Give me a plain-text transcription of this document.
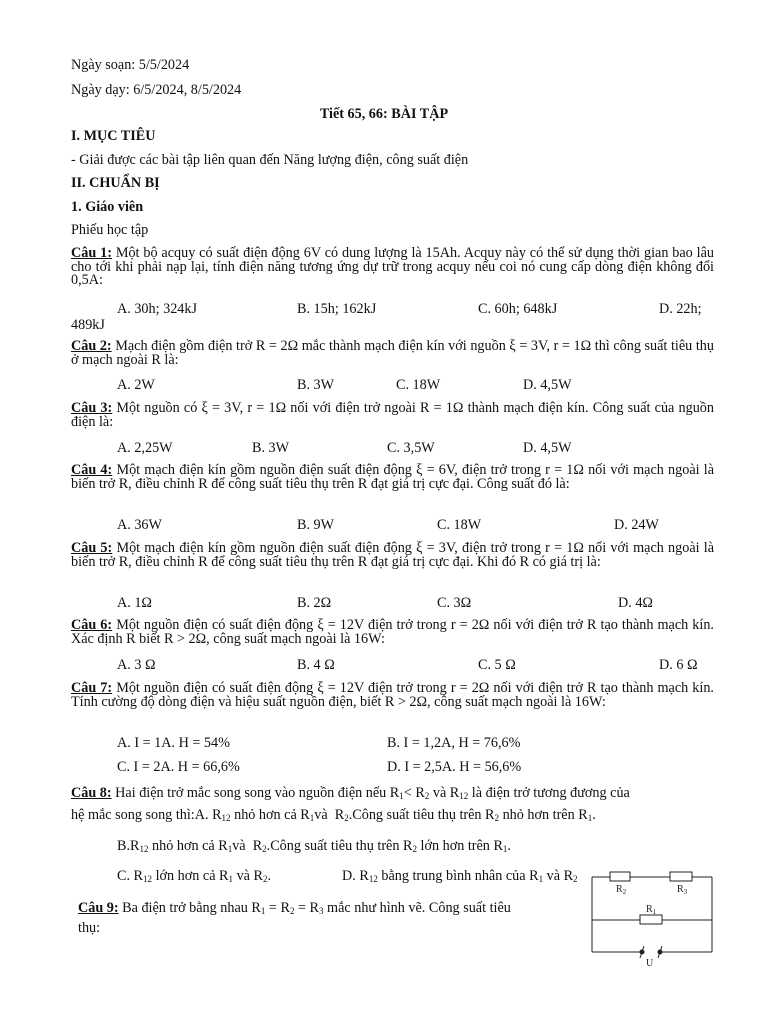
Ngày soạn: 5/5/2024
Ngày dạy: 6/5/2024, 8/5/2024
Tiết 65, 66: BÀI TẬP
I. MỤC TIÊU
- Giải được các bài tập liên quan đến Năng lượng điện, công suất điện
II. CHUẨN BỊ
1. Giáo viên
Phiếu học tập
Câu 1: Một bộ acquy có suất điện động 6V có dung lượng là 15Ah. Acquy này có thể sử dụng thời gian bao lâu cho tới khi phải nạp lại, tính điện năng tương ứng dự trữ trong acquy nếu coi nó cung cấp dòng điện không đổi 0,5A:
A. 30h; 324kJ	B. 15h; 162kJ	C. 60h; 648kJ	D. 22h;
489kJ
Câu 2: Mạch điện gồm điện trở R = 2Ω mắc thành mạch điện kín với nguồn ξ = 3V, r = 1Ω thì công suất tiêu thụ ở mạch ngoài R là:
A. 2W	B. 3W	C. 18W	D. 4,5W
Câu 3: Một nguồn có ξ = 3V, r = 1Ω nối với điện trở ngoài R = 1Ω thành mạch điện kín. Công suất của nguồn điện là:
A. 2,25W	B. 3W	C. 3,5W	D. 4,5W
Câu 4: Một mạch điện kín gồm nguồn điện suất điện động ξ = 6V, điện trở trong r = 1Ω nối với mạch ngoài là biến trở R, điều chỉnh R để công suất tiêu thụ trên R đạt giá trị cực đại. Công suất đó là:
A. 36W	B. 9W	C. 18W	D. 24W
Câu 5: Một mạch điện kín gồm nguồn điện suất điện động ξ = 3V, điện trở trong r = 1Ω nối với mạch ngoài là biến trở R, điều chỉnh R để công suất tiêu thụ trên R đạt giá trị cực đại. Khi đó R có giá trị là:
A. 1Ω	B. 2Ω	C. 3Ω	D. 4Ω
Câu 6: Một nguồn điện có suất điện động ξ = 12V điện trở trong r = 2Ω nối với điện trở R tạo thành mạch kín. Xác định R biết R > 2Ω, công suất mạch ngoài là 16W:
A. 3 Ω	B. 4 Ω	C. 5 Ω	D. 6 Ω
Câu 7: Một nguồn điện có suất điện động ξ = 12V điện trở trong r = 2Ω nối với điện trở R tạo thành mạch kín. Tính cường độ dòng điện và hiệu suất nguồn điện, biết R > 2Ω, công suất mạch ngoài là 16W:
A. I = 1A. H = 54%	B. I = 1,2A, H = 76,6%
C. I = 2A. H = 66,6%	D. I = 2,5A. H = 56,6%
Câu 8: Hai điện trở mắc song song vào nguồn điện nếu $R_1< R_2$ và $R_{12}$ là điện trở tương đương của
hệ mắc song song thì:A. $R_{12}$ nhỏ hơn cả $R_1và$  $R_2.Công$ suất tiêu thụ trên $R_2$ nhỏ hơn trên $R_1$.
$B.R_{12}$ nhỏ hơn cả $R_1và$  $R_2.Công$ suất tiêu thụ trên $R_2$ lớn hơn trên $R_1$.
C. $R_{12}$ lớn hơn cả $R_1$ và $R_2$.	D. $R_{12}$ bằng trung bình nhân của $R_1$ và $R_2$
Câu 9: Ba điện trở bằng nhau $R_1 = R_2 = R_3$ mắc như hình vẽ. Công suất tiêu
thụ:
$R_2$	$R_3$
$R_1$
U
